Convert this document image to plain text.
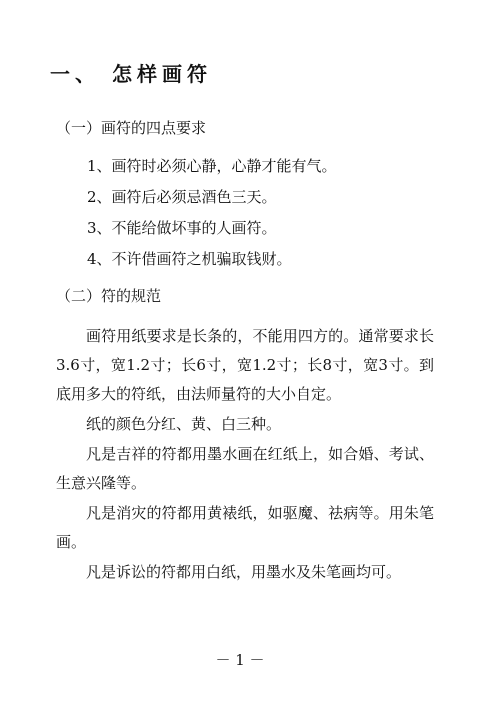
一、 怎样画符
（一）画符的四点要求
1、画符时必须心静，心静才能有气。
2、画符后必须忌酒色三天。
3、不能给做坏事的人画符。
4、不许借画符之机骗取钱财。
（二）符的规范

画符用纸要求是长条的，不能用四方的。通常要求长3.6寸，宽1.2寸；长6寸，宽1.2寸；长8寸，宽3寸。到底用多大的符纸，由法师量符的大小自定。

纸的颜色分红、黄、白三种。

凡是吉祥的符都用墨水画在红纸上，如合婚、考试、生意兴隆等。

凡是消灾的符都用黄裱纸，如驱魔、祛病等。用朱笔画。

凡是诉讼的符都用白纸，用墨水及朱笔画均可。

－ 1 －
